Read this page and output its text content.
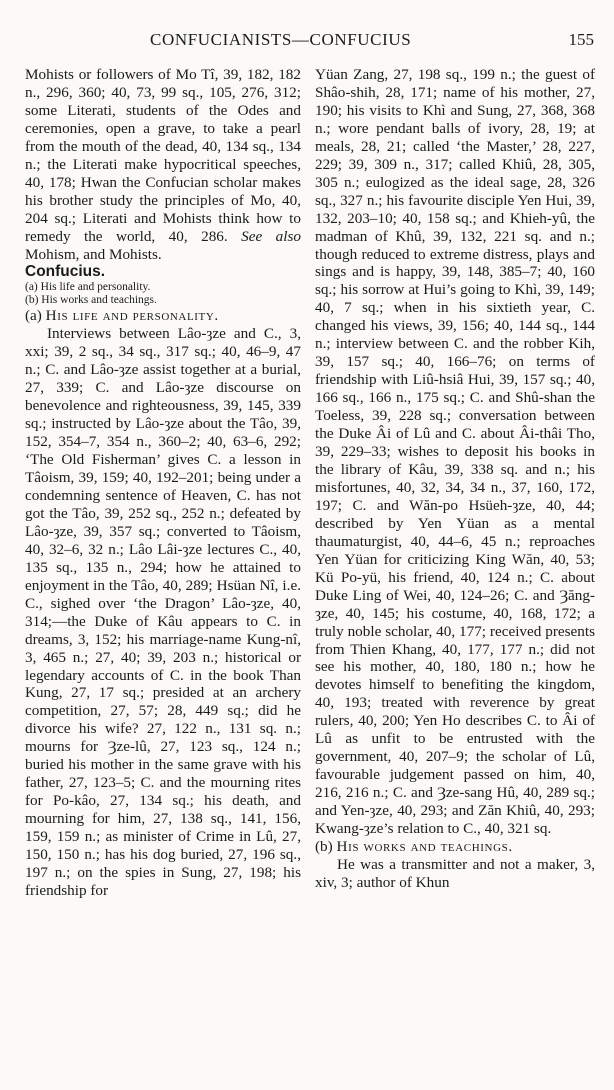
CONFUCIANISTS—CONFUCIUS	155

Mohists or followers of Mo Tî, 39, 182, 182 n., 296, 360; 40, 73, 99 sq., 105, 276, 312; some Literati, students of the Odes and ceremonies, open a grave, to take a pearl from the mouth of the dead, 40, 134 sq., 134 n.; the Literati make hypocritical speeches, 40, 178; Hwan the Confucian scholar makes his brother study the principles of Mo, 40, 204 sq.; Literati and Mohists think how to remedy the world, 40, 286. See also Mohism, and Mohists.

Confucius.

(a) His life and personality.

(b) His works and teachings.

(a) His life and personality.

Interviews between Lâo-ȝze and C., 3, xxi; 39, 2 sq., 34 sq., 317 sq.; 40, 46–9, 47 n.; C. and Lâo-ȝze assist together at a burial, 27, 339; C. and Lâo-ȝze discourse on benevolence and righteousness, 39, 145, 339 sq.; instructed by Lâo-ȝze about the Tâo, 39, 152, 354–7, 354 n., 360–2; 40, 63–6, 292; ‘The Old Fisherman’ gives C. a lesson in Tâoism, 39, 159; 40, 192–201; being under a condemning sentence of Heaven, C. has not got the Tâo, 39, 252 sq., 252 n.; defeated by Lâo-ȝze, 39, 357 sq.; converted to Tâoism, 40, 32–6, 32 n.; Lâo Lâi-ȝze lectures C., 40, 135 sq., 135 n., 294; how he attained to enjoyment in the Tâo, 40, 289; Hsüan Nî, i.e. C., sighed over ‘the Dragon’ Lâo-ȝze, 40, 314;—the Duke of Kâu appears to C. in dreams, 3, 152; his marriage-name Kung-nî, 3, 465 n.; 27, 40; 39, 203 n.; historical or legendary accounts of C. in the book Than Kung, 27, 17 sq.; presided at an archery competition, 27, 57; 28, 449 sq.; did he divorce his wife? 27, 122 n., 131 sq. n.; mourns for Ȝze-lû, 27, 123 sq., 124 n.; buried his mother in the same grave with his father, 27, 123–5; C. and the mourning rites for Po-kâo, 27, 134 sq.; his death, and mourning for him, 27, 138 sq., 141, 156, 159, 159 n.; as minister of Crime in Lû, 27, 150, 150 n.; has his dog buried, 27, 196 sq., 197 n.; on the spies in Sung, 27, 198; his friendship for

Yüan Zang, 27, 198 sq., 199 n.; the guest of Shâo-shih, 28, 171; name of his mother, 27, 190; his visits to Khì and Sung, 27, 368, 368 n.; wore pendant balls of ivory, 28, 19; at meals, 28, 21; called ‘the Master,’ 28, 227, 229; 39, 309 n., 317; called Khiû, 28, 305, 305 n.; eulogized as the ideal sage, 28, 326 sq., 327 n.; his favourite disciple Yen Hui, 39, 132, 203–10; 40, 158 sq.; and Khieh-yû, the madman of Khû, 39, 132, 221 sq. and n.; though reduced to extreme distress, plays and sings and is happy, 39, 148, 385–7; 40, 160 sq.; his sorrow at Hui’s going to Khì, 39, 149; 40, 7 sq.; when in his sixtieth year, C. changed his views, 39, 156; 40, 144 sq., 144 n.; interview between C. and the robber Kih, 39, 157 sq.; 40, 166–76; on terms of friendship with Liû-hsiâ Hui, 39, 157 sq.; 40, 166 sq., 166 n., 175 sq.; C. and Shû-shan the Toeless, 39, 228 sq.; conversation between the Duke Âi of Lû and C. about Âi-thâi Tho, 39, 229–33; wishes to deposit his books in the library of Kâu, 39, 338 sq. and n.; his misfortunes, 40, 32, 34, 34 n., 37, 160, 172, 197; C. and Wăn-po Hsüeh-ȝze, 40, 44; described by Yen Yüan as a mental thaumaturgist, 40, 44–6, 45 n.; reproaches Yen Yüan for criticizing King Wăn, 40, 53; Kü Po-yü, his friend, 40, 124 n.; C. about Duke Ling of Wei, 40, 124–26; C. and Ȝăng-ȝze, 40, 145; his costume, 40, 168, 172; a truly noble scholar, 40, 177; received presents from Thien Khang, 40, 177, 177 n.; did not see his mother, 40, 180, 180 n.; how he devotes himself to benefiting the kingdom, 40, 193; treated with reverence by great rulers, 40, 200; Yen Ho describes C. to Âi of Lû as unfit to be entrusted with the government, 40, 207–9; the scholar of Lû, favourable judgement passed on him, 40, 216, 216 n.; C. and Ȝze-sang Hû, 40, 289 sq.; and Yen-ȝze, 40, 293; and Zăn Khiû, 40, 293; Kwang-ȝze’s relation to C., 40, 321 sq.

(b) His works and teachings.

He was a transmitter and not a maker, 3, xiv, 3; author of Khun
